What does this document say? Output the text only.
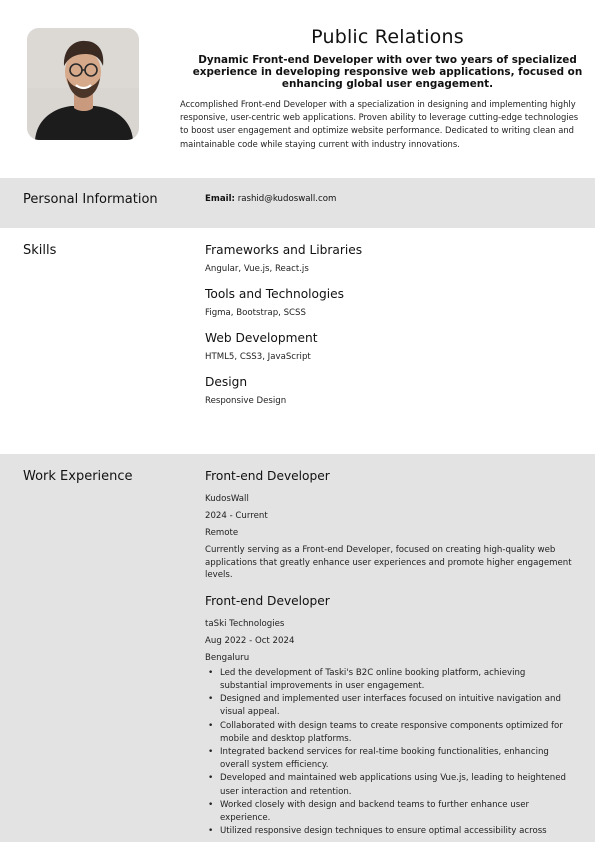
Public Relations
Dynamic Front-end Developer with over two years of specialized experience in developing responsive web applications, focused on enhancing global user engagement.
Accomplished Front-end Developer with a specialization in designing and implementing highly responsive, user-centric web applications. Proven ability to leverage cutting-edge technologies to boost user engagement and optimize website performance. Dedicated to writing clean and maintainable code while staying current with industry innovations.
Personal Information	Email: rashid@kudoswall.com
Skills	Frameworks and Libraries
Angular, Vue.js, React.js
Tools and Technologies
Figma, Bootstrap, SCSS
Web Development
HTML5, CSS3, JavaScript
Design
Responsive Design
Work Experience	Front-end Developer
KudosWall
2024 - Current
Remote
Currently serving as a Front-end Developer, focused on creating high-quality web applications that greatly enhance user experiences and promote higher engagement levels.
Front-end Developer
taSki Technologies
Aug 2022 - Oct 2024
Bengaluru
• Led the development of Taski's B2C online booking platform, achieving substantial improvements in user engagement.
• Designed and implemented user interfaces focused on intuitive navigation and visual appeal.
• Collaborated with design teams to create responsive components optimized for mobile and desktop platforms.
• Integrated backend services for real-time booking functionalities, enhancing overall system efficiency.
• Developed and maintained web applications using Vue.js, leading to heightened user interaction and retention.
• Worked closely with design and backend teams to further enhance user experience.
• Utilized responsive design techniques to ensure optimal accessibility across
